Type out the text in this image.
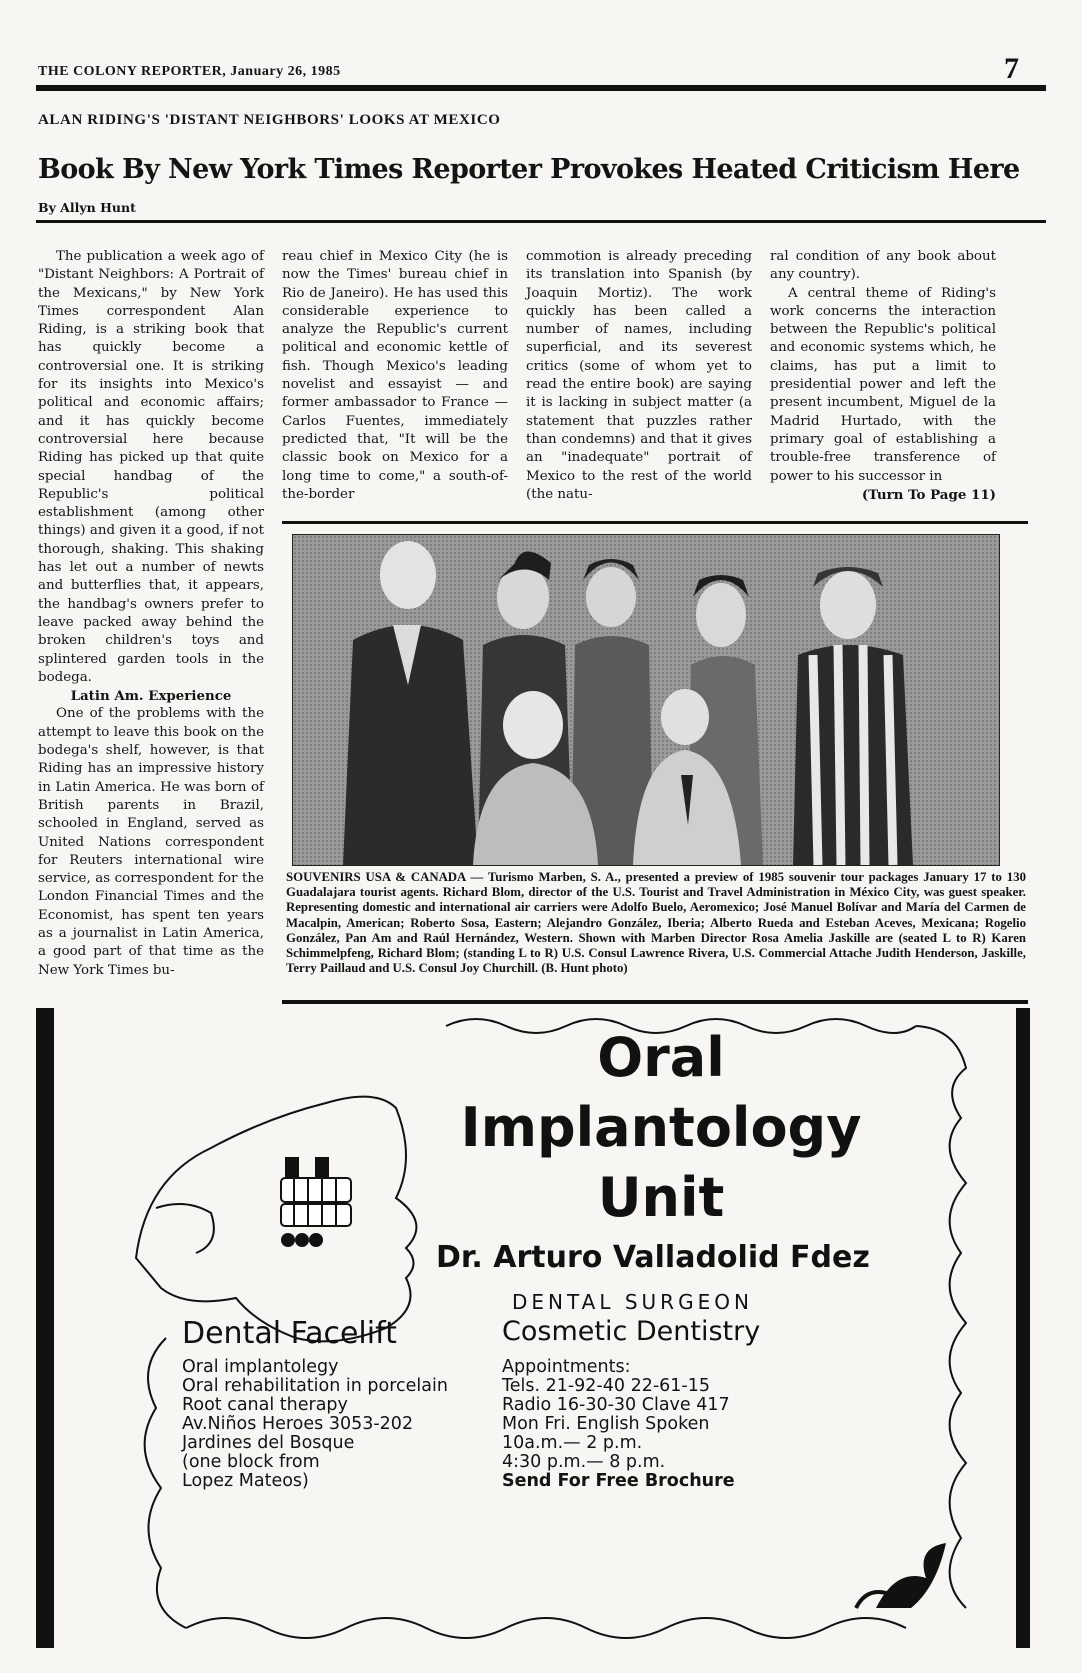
THE COLONY REPORTER, January 26, 1985	7
ALAN RIDING'S 'DISTANT NEIGHBORS' LOOKS AT MEXICO
Book By New York Times Reporter Provokes Heated Criticism Here
By Allyn Hunt

The publication a week ago of "Distant Neighbors: A Portrait of the Mexicans," by New York Times correspondent Alan Riding, is a striking book that has quickly become a controversial one. It is striking for its insights into Mexico's political and economic affairs; and it has quickly become controversial here because Riding has picked up that quite special handbag of the Republic's political establishment (among other things) and given it a good, if not thorough, shaking. This shaking has let out a number of newts and butterflies that, it appears, the handbag's owners prefer to leave packed away behind the broken children's toys and splintered garden tools in the bodega.

Latin Am. Experience

One of the problems with the attempt to leave this book on the bodega's shelf, however, is that Riding has an impressive history in Latin America. He was born of British parents in Brazil, schooled in England, served as United Nations correspondent for Reuters international wire service, as correspondent for the London Financial Times and the Economist, has spent ten years as a journalist in Latin America, a good part of that time as the New York Times bu-

reau chief in Mexico City (he is now the Times' bureau chief in Rio de Janeiro). He has used this considerable experience to analyze the Republic's current political and economic kettle of fish. Though Mexico's leading novelist and essayist — and former ambassador to France — Carlos Fuentes, immediately predicted that, "It will be the classic book on Mexico for a long time to come," a south-of-the-border

commotion is already preceding its translation into Spanish (by Joaquin Mortiz). The work quickly has been called a number of names, including superficial, and its severest critics (some of whom yet to read the entire book) are saying it is lacking in subject matter (a statement that puzzles rather than condemns) and that it gives an "inadequate" portrait of Mexico to the rest of the world (the natu-

ral condition of any book about any country).

A central theme of Riding's work concerns the interaction between the Republic's political and economic systems which, he claims, has put a limit to presidential power and left the present incumbent, Miguel de la Madrid Hurtado, with the primary goal of establishing a trouble-free transference of power to his successor in

(Turn To Page 11)

SOUVENIRS USA & CANADA — Turismo Marben, S. A., presented a preview of 1985 souvenir tour packages January 17 to 130 Guadalajara tourist agents. Richard Blom, director of the U.S. Tourist and Travel Administration in México City, was guest speaker. Representing domestic and international air carriers were Adolfo Buelo, Aeromexico; José Manuel Bolívar and María del Carmen de Macalpin, American; Roberto Sosa, Eastern; Alejandro González, Iberia; Alberto Rueda and Esteban Aceves, Mexicana; Rogelio González, Pan Am and Raúl Hernández, Western. Shown with Marben Director Rosa Amelia Jaskille are (seated L to R) Karen Schimmelpfeng, Richard Blom; (standing L to R) U.S. Consul Lawrence Rivera, U.S. Commercial Attache Judith Henderson, Jaskille, Terry Paillaud and U.S. Consul Joy Churchill. (B. Hunt photo)
Oral
Implantology
Unit
Dr. Arturo Valladolid Fdez
DENTAL SURGEON
Dental Facelift
Oral implantolegy
Oral rehabilitation in porcelain
Root canal therapy
Av.Niños Heroes 3053-202
Jardines del Bosque
(one block from
Lopez Mateos)
Cosmetic Dentistry
Appointments:
Tels. 21-92-40 22-61-15
Radio 16-30-30 Clave 417
Mon Fri. English Spoken
10a.m.— 2 p.m.
4:30 p.m.— 8 p.m.
Send For Free Brochure
